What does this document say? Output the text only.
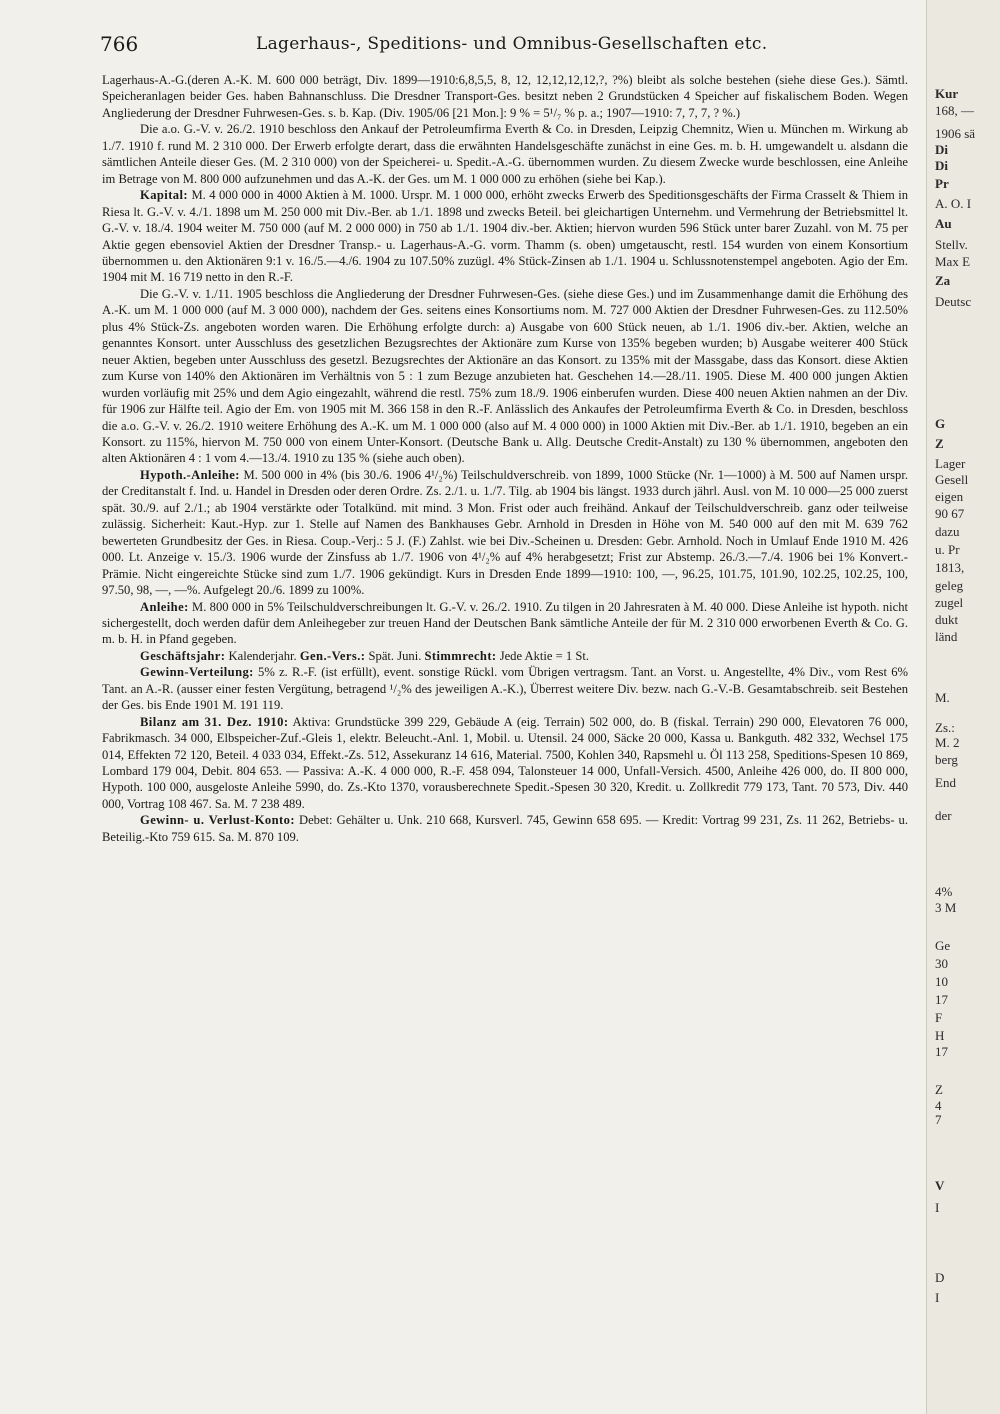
766	Lagerhaus-, Speditions- und Omnibus-Gesellschaften etc.

Lagerhaus-A.-G.(deren A.-K. M. 600 000 beträgt, Div. 1899—1910:6,8,5,5, 8, 12, 12,12,12,12,?, ?%) bleibt als solche bestehen (siehe diese Ges.). Sämtl. Speicheranlagen beider Ges. haben Bahnanschluss. Die Dresdner Transport-Ges. besitzt neben 2 Grundstücken 4 Speicher auf fiskalischem Boden. Wegen Angliederung der Dresdner Fuhrwesen-Ges. s. b. Kap. (Div. 1905/06 [21 Mon.]: 9 % = 5¹/₇ % p. a.; 1907—1910: 7, 7, 7, ? %.)

Die a.o. G.-V. v. 26./2. 1910 beschloss den Ankauf der Petroleumfirma Everth & Co. in Dresden, Leipzig Chemnitz, Wien u. München m. Wirkung ab 1./7. 1910 f. rund M. 2 310 000. Der Erwerb erfolgte derart, dass die erwähnten Handelsgeschäfte zunächst in eine Ges. m. b. H. umgewandelt u. alsdann die sämtlichen Anteile dieser Ges. (M. 2 310 000) von der Speicherei- u. Spedit.-A.-G. übernommen wurden. Zu diesem Zwecke wurde beschlossen, eine Anleihe im Betrage von M. 800 000 aufzunehmen und das A.-K. der Ges. um M. 1 000 000 zu erhöhen (siehe bei Kap.).

Kapital: M. 4 000 000 in 4000 Aktien à M. 1000. Urspr. M. 1 000 000, erhöht zwecks Erwerb des Speditionsgeschäfts der Firma Crasselt & Thiem in Riesa lt. G.-V. v. 4./1. 1898 um M. 250 000 mit Div.-Ber. ab 1./1. 1898 und zwecks Beteil. bei gleichartigen Unternehm. und Vermehrung der Betriebsmittel lt. G.-V. v. 18./4. 1904 weiter M. 750 000 (auf M. 2 000 000) in 750 ab 1./1. 1904 div.-ber. Aktien; hiervon wurden 596 Stück unter barer Zuzahl. von M. 75 per Aktie gegen ebensoviel Aktien der Dresdner Transp.- u. Lagerhaus-A.-G. vorm. Thamm (s. oben) umgetauscht, restl. 154 wurden von einem Konsortium übernommen u. den Aktionären 9:1 v. 16./5.—4./6. 1904 zu 107.50% zuzügl. 4% Stück-Zinsen ab 1./1. 1904 u. Schlussnotenstempel angeboten. Agio der Em. 1904 mit M. 16 719 netto in den R.-F.

Die G.-V. v. 1./11. 1905 beschloss die Angliederung der Dresdner Fuhrwesen-Ges. (siehe diese Ges.) und im Zusammenhange damit die Erhöhung des A.-K. um M. 1 000 000 (auf M. 3 000 000), nachdem der Ges. seitens eines Konsortiums nom. M. 727 000 Aktien der Dresdner Fuhrwesen-Ges. zu 112.50% plus 4% Stück-Zs. angeboten worden waren. Die Erhöhung erfolgte durch: a) Ausgabe von 600 Stück neuen, ab 1./1. 1906 div.-ber. Aktien, welche an genanntes Konsort. unter Ausschluss des gesetzlichen Bezugsrechtes der Aktionäre zum Kurse von 135% begeben wurden; b) Ausgabe weiterer 400 Stück neuer Aktien, begeben unter Ausschluss des gesetzl. Bezugsrechtes der Aktionäre an das Konsort. zu 135% mit der Massgabe, dass das Konsort. diese Aktien zum Kurse von 140% den Aktionären im Verhältnis von 5 : 1 zum Bezuge anzubieten hat. Geschehen 14.—28./11. 1905. Diese M. 400 000 jungen Aktien wurden vorläufig mit 25% und dem Agio eingezahlt, während die restl. 75% zum 18./9. 1906 einberufen wurden. Diese 400 neuen Aktien nahmen an der Div. für 1906 zur Hälfte teil. Agio der Em. von 1905 mit M. 366 158 in den R.-F. Anlässlich des Ankaufes der Petroleumfirma Everth & Co. in Dresden, beschloss die a.o. G.-V. v. 26./2. 1910 weitere Erhöhung des A.-K. um M. 1 000 000 (also auf M. 4 000 000) in 1000 Aktien mit Div.-Ber. ab 1./1. 1910, begeben an ein Konsort. zu 115%, hiervon M. 750 000 von einem Unter-Konsort. (Deutsche Bank u. Allg. Deutsche Credit-Anstalt) zu 130 % übernommen, angeboten den alten Aktionären 4 : 1 vom 4.—13./4. 1910 zu 135 % (siehe auch oben).

Hypoth.-Anleihe: M. 500 000 in 4% (bis 30./6. 1906 4¹/₂%) Teilschuldverschreib. von 1899, 1000 Stücke (Nr. 1—1000) à M. 500 auf Namen urspr. der Creditanstalt f. Ind. u. Handel in Dresden oder deren Ordre. Zs. 2./1. u. 1./7. Tilg. ab 1904 bis längst. 1933 durch jährl. Ausl. von M. 10 000—25 000 zuerst spät. 30./9. auf 2./1.; ab 1904 verstärkte oder Totalkünd. mit mind. 3 Mon. Frist oder auch freihänd. Ankauf der Teilschuldverschreib. ganz oder teilweise zulässig. Sicherheit: Kaut.-Hyp. zur 1. Stelle auf Namen des Bankhauses Gebr. Arnhold in Dresden in Höhe von M. 540 000 auf den mit M. 639 762 bewerteten Grundbesitz der Ges. in Riesa. Coup.-Verj.: 5 J. (F.) Zahlst. wie bei Div.-Scheinen u. Dresden: Gebr. Arnhold. Noch in Umlauf Ende 1910 M. 426 000. Lt. Anzeige v. 15./3. 1906 wurde der Zinsfuss ab 1./7. 1906 von 4¹/₂% auf 4% herabgesetzt; Frist zur Abstemp. 26./3.—7./4. 1906 bei 1% Konvert.-Prämie. Nicht eingereichte Stücke sind zum 1./7. 1906 gekündigt. Kurs in Dresden Ende 1899—1910: 100, —, 96.25, 101.75, 101.90, 102.25, 102.25, 100, 97.50, 98, —, —%. Aufgelegt 20./6. 1899 zu 100%.

Anleihe: M. 800 000 in 5% Teilschuldverschreibungen lt. G.-V. v. 26./2. 1910. Zu tilgen in 20 Jahresraten à M. 40 000. Diese Anleihe ist hypoth. nicht sichergestellt, doch werden dafür dem Anleihegeber zur treuen Hand der Deutschen Bank sämtliche Anteile der für M. 2 310 000 erworbenen Everth & Co. G. m. b. H. in Pfand gegeben.

Geschäftsjahr: Kalenderjahr. Gen.-Vers.: Spät. Juni. Stimmrecht: Jede Aktie = 1 St.

Gewinn-Verteilung: 5% z. R.-F. (ist erfüllt), event. sonstige Rückl. vom Übrigen vertragsm. Tant. an Vorst. u. Angestellte, 4% Div., vom Rest 6% Tant. an A.-R. (ausser einer festen Vergütung, betragend ¹/₂% des jeweiligen A.-K.), Überrest weitere Div. bezw. nach G.-V.-B. Gesamtabschreib. seit Bestehen der Ges. bis Ende 1901 M. 191 119.

Bilanz am 31. Dez. 1910: Aktiva: Grundstücke 399 229, Gebäude A (eig. Terrain) 502 000, do. B (fiskal. Terrain) 290 000, Elevatoren 76 000, Fabrikmasch. 34 000, Elbspeicher-Zuf.-Gleis 1, elektr. Beleucht.-Anl. 1, Mobil. u. Utensil. 24 000, Säcke 20 000, Kassa u. Bankguth. 482 332, Wechsel 175 014, Effekten 72 120, Beteil. 4 033 034, Effekt.-Zs. 512, Assekuranz 14 616, Material. 7500, Kohlen 340, Rapsmehl u. Öl 113 258, Speditions-Spesen 10 869, Lombard 179 004, Debit. 804 653. — Passiva: A.-K. 4 000 000, R.-F. 458 094, Talonsteuer 14 000, Unfall-Versich. 4500, Anleihe 426 000, do. II 800 000, Hypoth. 100 000, ausgeloste Anleihe 5990, do. Zs.-Kto 1370, vorausberechnete Spedit.-Spesen 30 320, Kredit. u. Zollkredit 779 173, Tant. 70 573, Div. 440 000, Vortrag 108 467. Sa. M. 7 238 489.

Gewinn- u. Verlust-Konto: Debet: Gehälter u. Unk. 210 668, Kursverl. 745, Gewinn 658 695. — Kredit: Vortrag 99 231, Zs. 11 262, Betriebs- u. Beteilig.-Kto 759 615. Sa. M. 870 109.

Kur
168, —
1906 sä
Di
Di
Pr
A. O. I
Au
Stellv.
Max E
Za
Deutsc
G
Z
Lager
Gesell
eigen
90 67
dazu
u. Pr
1813,
geleg
zugel
dukt
länd
M.
Zs.:
M. 2
berg
End
der
4%
3 M
Ge
30
10
17
F
H
17
Z
4
7
V
I
D
I
